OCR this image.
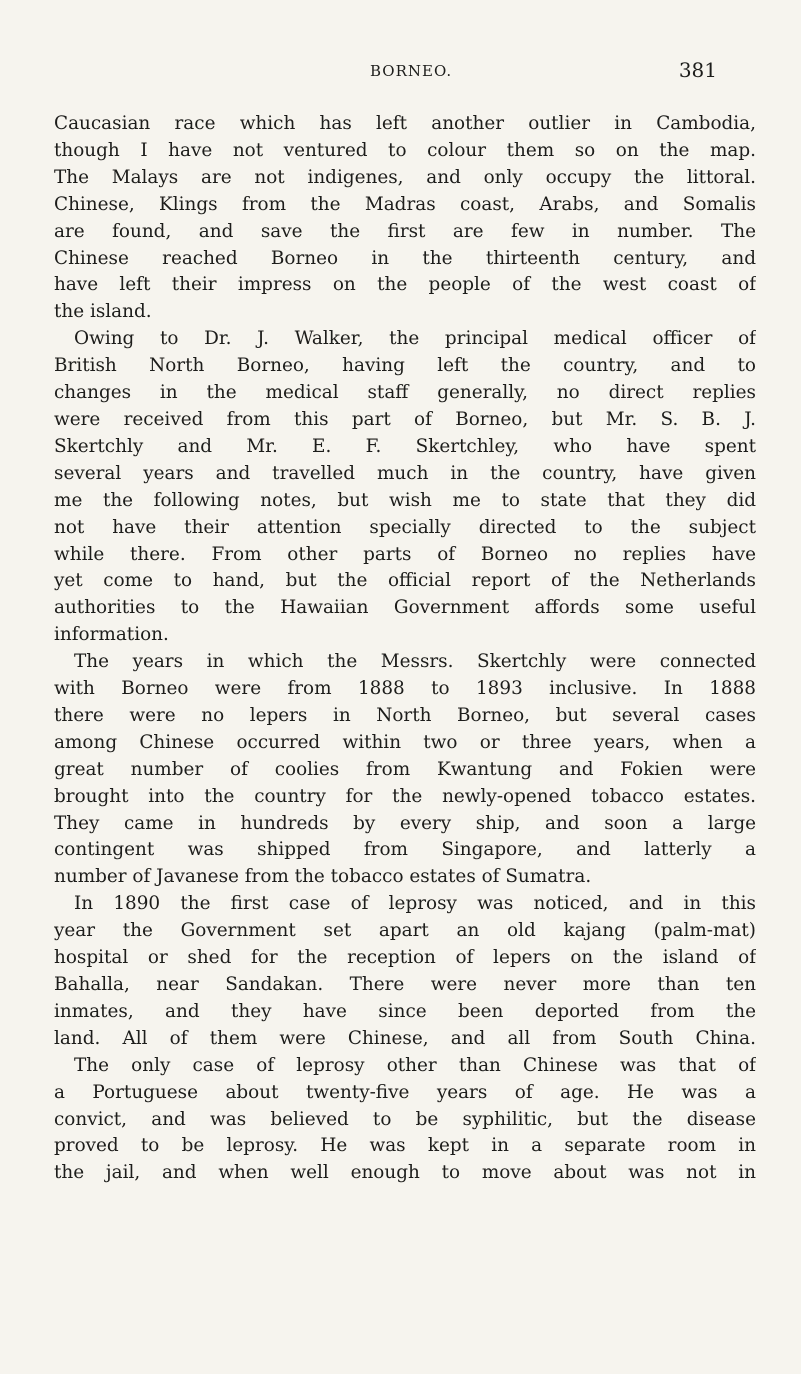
BORNEO.	381
Caucasian race which has left another outlier in Cambodia,
though I have not ventured to colour them so on the map.
The Malays are not indigenes, and only occupy the littoral.
Chinese, Klings from the Madras coast, Arabs, and Somalis
are found, and save the first are few in number. The
Chinese reached Borneo in the thirteenth century, and
have left their impress on the people of the west coast of
the island.
Owing to Dr. J. Walker, the principal medical officer of
British North Borneo, having left the country, and to
changes in the medical staff generally, no direct replies
were received from this part of Borneo, but Mr. S. B. J.
Skertchly and Mr. E. F. Skertchley, who have spent
several years and travelled much in the country, have given
me the following notes, but wish me to state that they did
not have their attention specially directed to the subject
while there. From other parts of Borneo no replies have
yet come to hand, but the official report of the Netherlands
authorities to the Hawaiian Government affords some useful
information.
The years in which the Messrs. Skertchly were connected
with Borneo were from 1888 to 1893 inclusive. In 1888
there were no lepers in North Borneo, but several cases
among Chinese occurred within two or three years, when a
great number of coolies from Kwantung and Fokien were
brought into the country for the newly-opened tobacco estates.
They came in hundreds by every ship, and soon a large
contingent was shipped from Singapore, and latterly a
number of Javanese from the tobacco estates of Sumatra.
In 1890 the first case of leprosy was noticed, and in this
year the Government set apart an old kajang (palm-mat)
hospital or shed for the reception of lepers on the island of
Bahalla, near Sandakan. There were never more than ten
inmates, and they have since been deported from the
land. All of them were Chinese, and all from South China.
The only case of leprosy other than Chinese was that of
a Portuguese about twenty-five years of age. He was a
convict, and was believed to be syphilitic, but the disease
proved to be leprosy. He was kept in a separate room in
the jail, and when well enough to move about was not in
